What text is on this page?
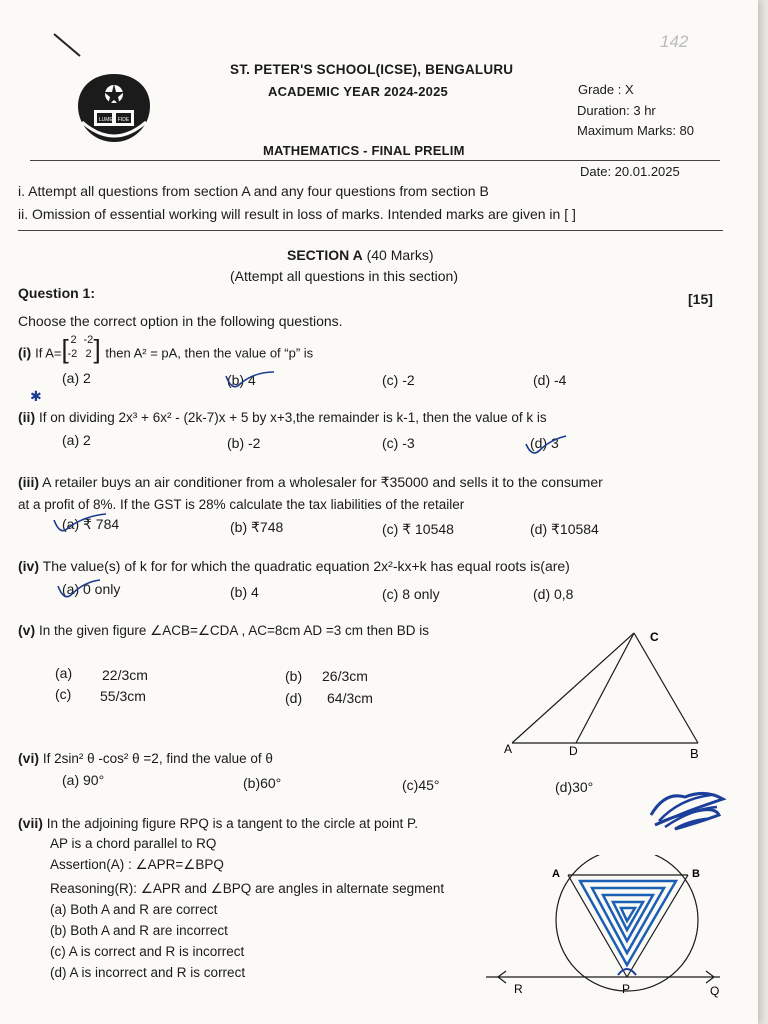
142
LUMEN FIDE
ST. PETER'S SCHOOL(ICSE), BENGALURU
ACADEMIC YEAR 2024-2025	Grade : X
Duration: 3 hr
Maximum Marks: 80
MATHEMATICS - FINAL PRELIM
Date: 20.01.2025
i. Attempt all questions from section A and any four questions from section B
ii. Omission of essential working will result in loss of marks. Intended marks are given in [ ]
SECTION A (40 Marks)
(Attempt all questions in this section)
Question 1:	[15]
Choose the correct option in the following questions.
(i) If A= [ 2 -2
-2 2 ] then A² = pA, then the value of “p” is
(a) 2	(b) 4	(c) -2	(d) -4
✱
(ii) If on dividing 2x³ + 6x² - (2k-7)x + 5 by x+3,the remainder is k-1, then the value of k is
(a) 2	(b) -2	(c) -3	(d) 3
(iii) A retailer buys an air conditioner from a wholesaler for ₹35000 and sells it to the consumer
at a profit of 8%. If the GST is 28% calculate the tax liabilities of the retailer
(a) ₹ 784	(b) ₹748	(c) ₹ 10548	(d) ₹10584
(iv) The value(s) of k for for which the quadratic equation 2x²-kx+k has equal roots is(are)
(a) 0 only	(b) 4	(c) 8 only	(d) 0,8
(v) In the given figure ∠ACB=∠CDA , AC=8cm AD =3 cm then BD is
(a) 22/3cm	(b) 26/3cm
(c) 55/3cm	(d) 64/3cm
C
A	D	B
(vi) If 2sin² θ -cos² θ =2, find the value of θ
(a) 90°	(b)60°	(c)45°	(d)30°
(vii) In the adjoining figure RPQ is a tangent to the circle at point P.
AP is a chord parallel to RQ
Assertion(A) : ∠APR=∠BPQ
Reasoning(R): ∠APR and ∠BPQ are angles in alternate segment
(a) Both A and R are correct
(b) Both A and R are incorrect
(c) A is correct and R is incorrect
(d) A is incorrect and R is correct
A	B
R	P	Q
